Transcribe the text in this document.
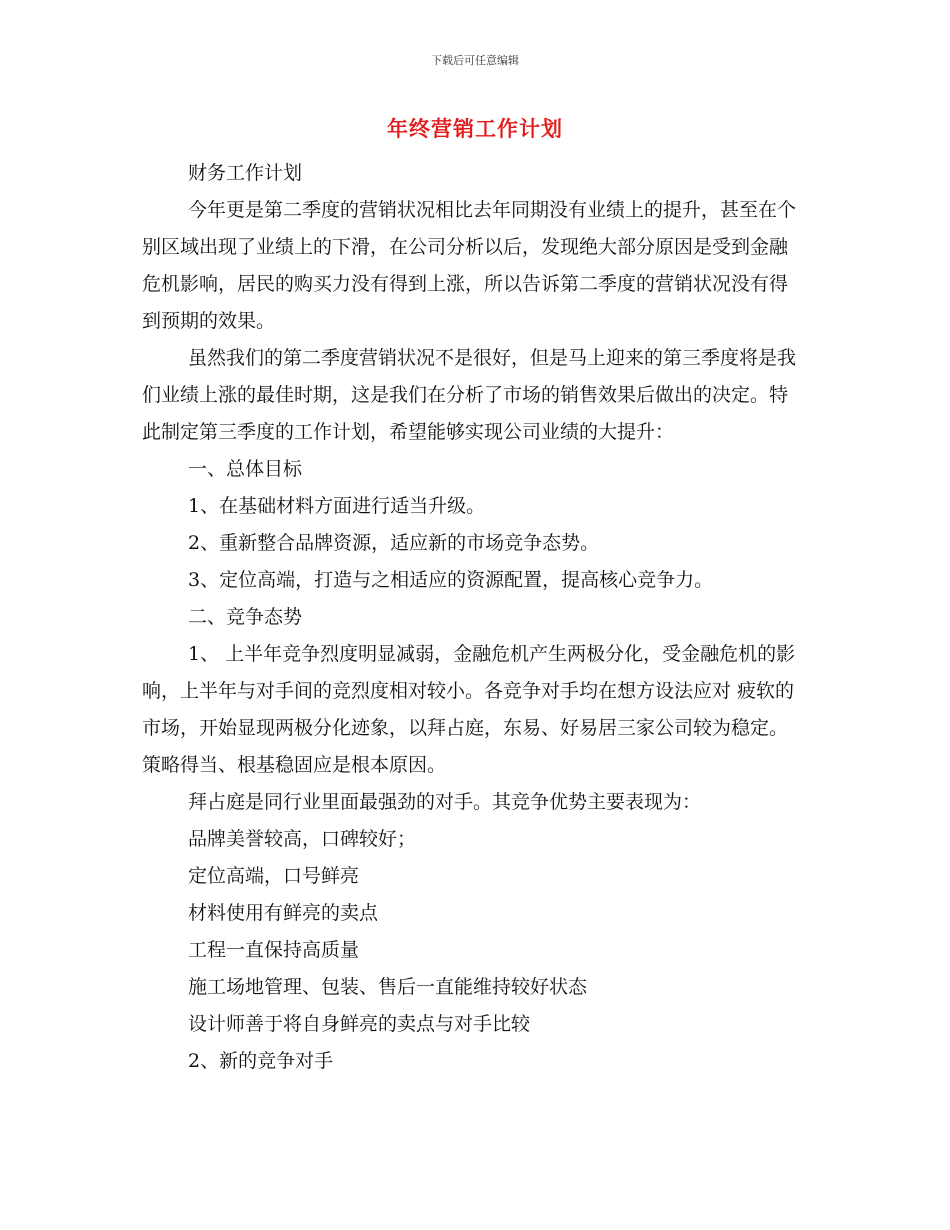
下载后可任意编辑
年终营销工作计划

财务工作计划

今年更是第二季度的营销状况相比去年同期没有业绩上的提升，甚至在个别区域出现了业绩上的下滑，在公司分析以后，发现绝大部分原因是受到金融危机影响，居民的购买力没有得到上涨，所以告诉第二季度的营销状况没有得到预期的效果。

虽然我们的第二季度营销状况不是很好，但是马上迎来的第三季度将是我们业绩上涨的最佳时期，这是我们在分析了市场的销售效果后做出的决定。特此制定第三季度的工作计划，希望能够实现公司业绩的大提升：

一、总体目标

1、在基础材料方面进行适当升级。

2、重新整合品牌资源，适应新的市场竞争态势。

3、定位高端，打造与之相适应的资源配置，提高核心竞争力。

二、竞争态势

1、 上半年竞争烈度明显减弱，金融危机产生两极分化，受金融危机的影响，上半年与对手间的竞烈度相对较小。各竞争对手均在想方设法应对 疲软的市场，开始显现两极分化迹象，以拜占庭，东易、好易居三家公司较为稳定。策略得当、根基稳固应是根本原因。

拜占庭是同行业里面最强劲的对手。其竞争优势主要表现为：

品牌美誉较高，口碑较好；

定位高端，口号鲜亮

材料使用有鲜亮的卖点

工程一直保持高质量

施工场地管理、包装、售后一直能维持较好状态

设计师善于将自身鲜亮的卖点与对手比较

2、新的竞争对手
